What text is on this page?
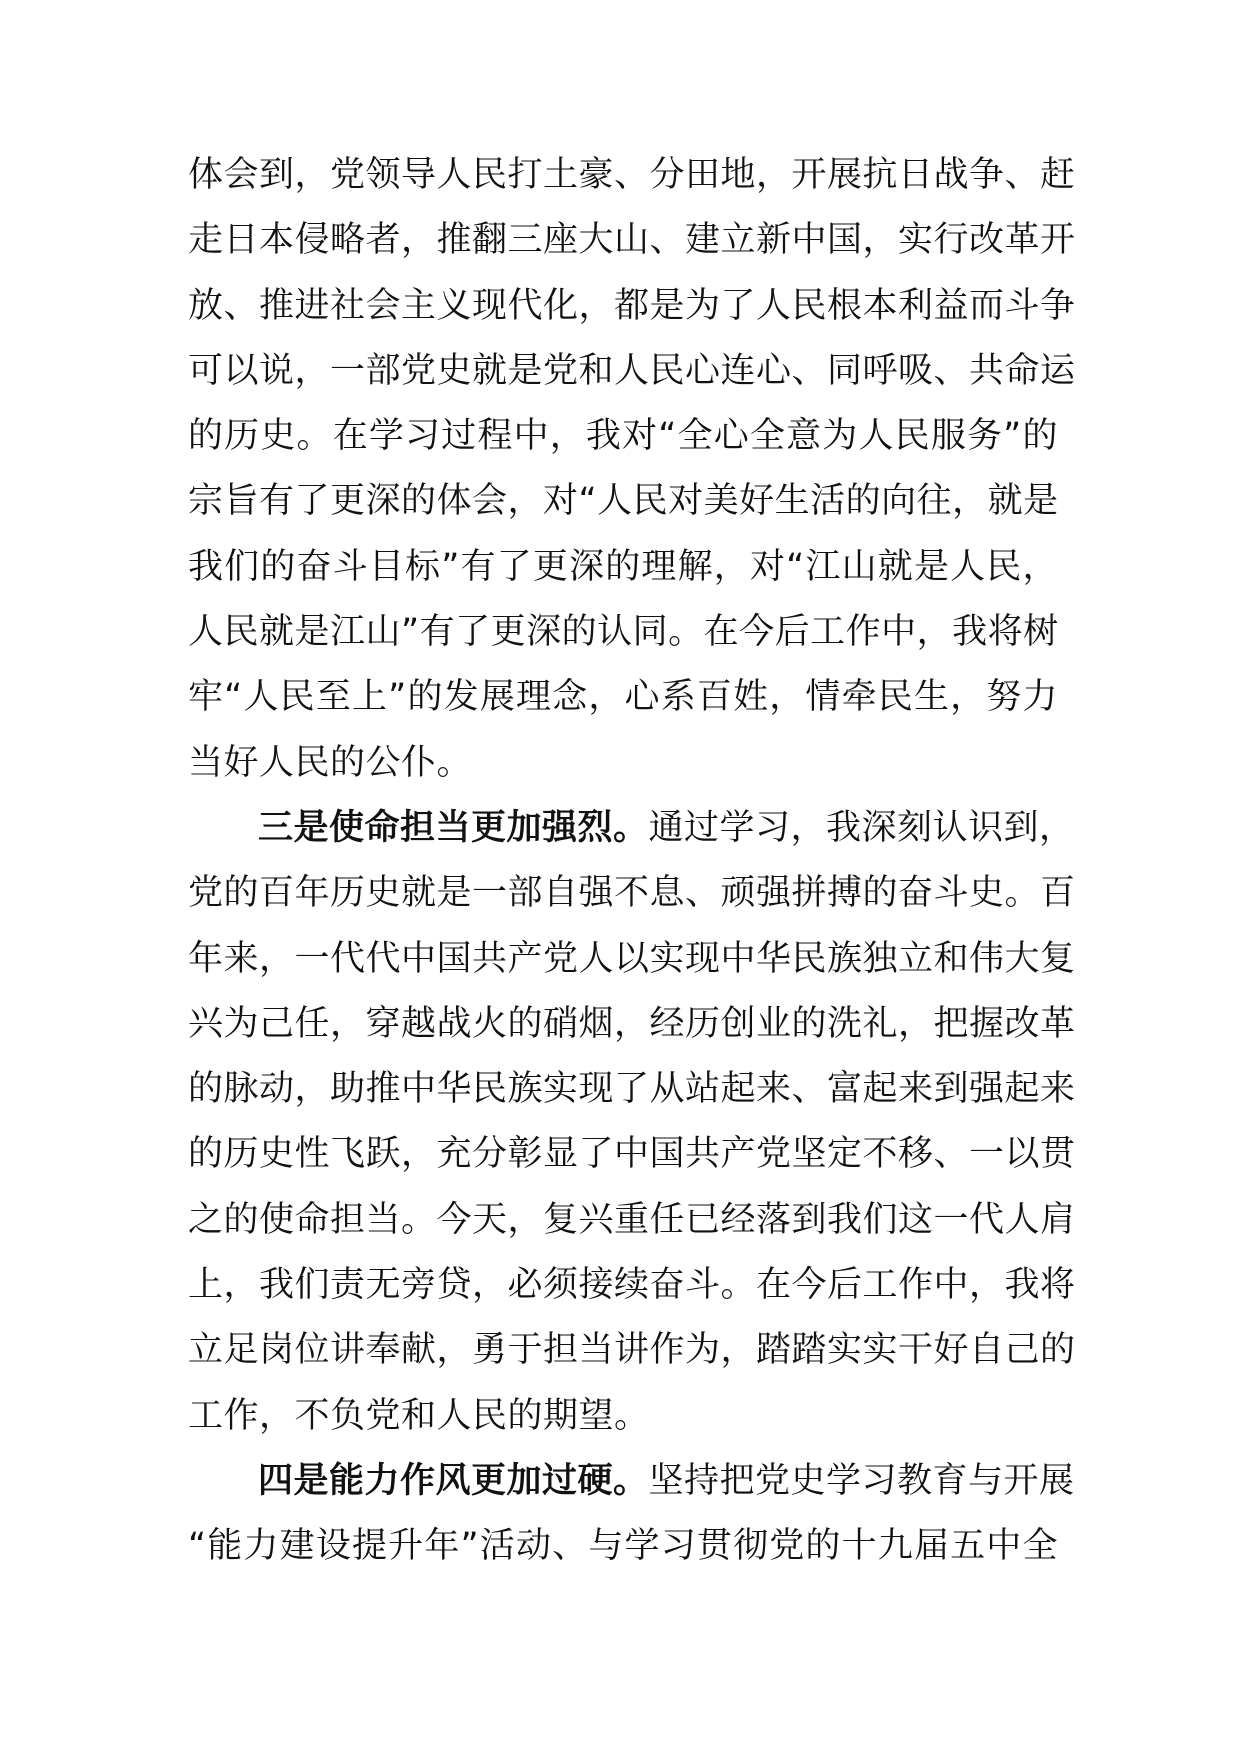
体会到，党领导人民打土豪、分田地，开展抗日战争、赶
走日本侵略者，推翻三座大山、建立新中国，实行改革开
放、推进社会主义现代化，都是为了人民根本利益而斗争
可以说，一部党史就是党和人民心连心、同呼吸、共命运
的历史。在学习过程中，我对“全心全意为人民服务”的
宗旨有了更深的体会，对“人民对美好生活的向往，就是
我们的奋斗目标”有了更深的理解，对“江山就是人民，
人民就是江山”有了更深的认同。在今后工作中，我将树
牢“人民至上”的发展理念，心系百姓，情牵民生，努力
当好人民的公仆。
三是使命担当更加强烈。通过学习，我深刻认识到，
党的百年历史就是一部自强不息、顽强拼搏的奋斗史。百
年来，一代代中国共产党人以实现中华民族独立和伟大复
兴为己任，穿越战火的硝烟，经历创业的洗礼，把握改革
的脉动，助推中华民族实现了从站起来、富起来到强起来
的历史性飞跃，充分彰显了中国共产党坚定不移、一以贯
之的使命担当。今天，复兴重任已经落到我们这一代人肩
上，我们责无旁贷，必须接续奋斗。在今后工作中，我将
立足岗位讲奉献，勇于担当讲作为，踏踏实实干好自己的
工作，不负党和人民的期望。
四是能力作风更加过硬。坚持把党史学习教育与开展
“能力建设提升年”活动、与学习贯彻党的十九届五中全
